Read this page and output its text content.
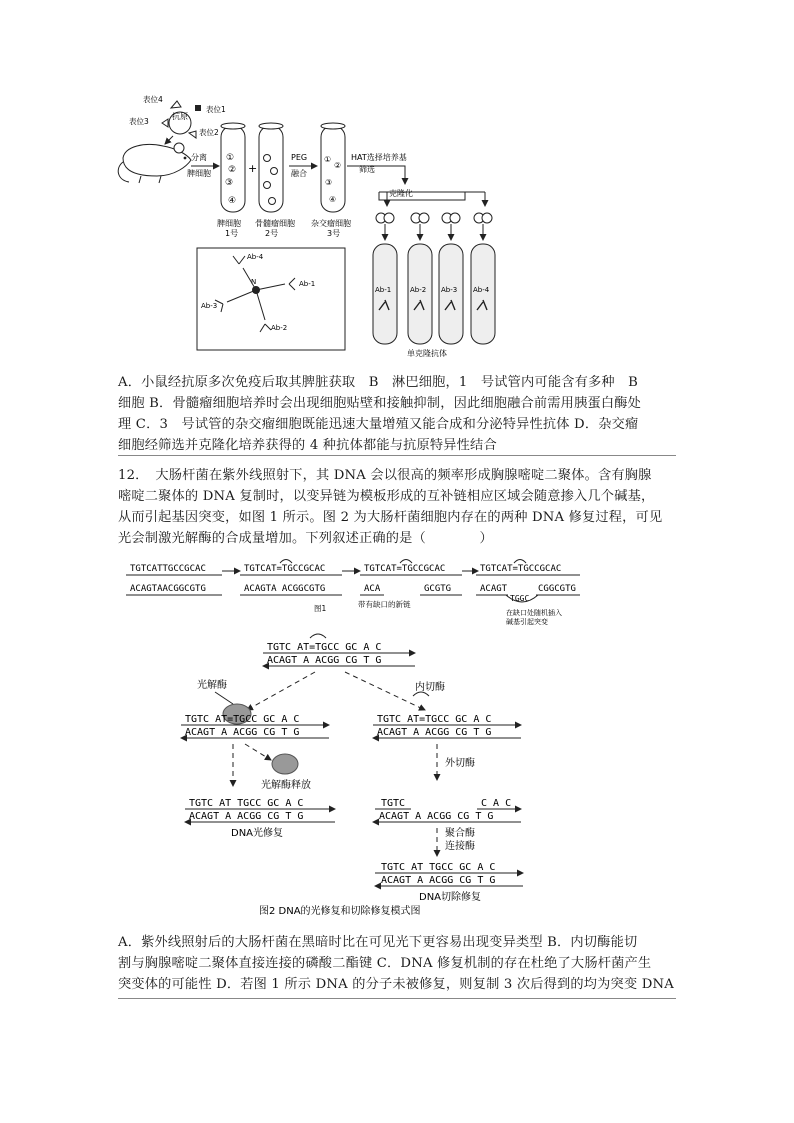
抗原
表位4
表位1
表位3
表位2
分离
脾细胞
①
②
③
④
脾细胞
1号
+
骨髓瘤细胞
2号
PEG
融合
①
②
③
④
杂交瘤细胞
3号
HAT选择培养基
筛选
克隆化
Ab-1	Ab-2 Ab-3 Ab-4
单克隆抗体
N
Ab-4
Ab-1
Ab-3
Ab-2
A．小鼠经抗原多次免疫后取其脾脏获取　B　淋巴细胞，1　号试管内可能含有多种　B
细胞 B．骨髓瘤细胞培养时会出现细胞贴壁和接触抑制，因此细胞融合前需用胰蛋白酶处
理 C．3　号试管的杂交瘤细胞既能迅速大量增殖又能合成和分泌特异性抗体 D．杂交瘤
细胞经筛选并克隆化培养获得的 4 种抗体都能与抗原特异性结合
12．　大肠杆菌在紫外线照射下，其 DNA 会以很高的频率形成胸腺嘧啶二聚体。含有胸腺
嘧啶二聚体的 DNA 复制时，以变异链为模板形成的互补链相应区域会随意掺入几个碱基，
从而引起基因突变，如图 1 所示。图 2 为大肠杆菌细胞内存在的两种 DNA 修复过程，可见
光会制激光解酶的合成量增加。下列叙述正确的是（　　　　）
TGTCATTGCCGCAC
ACAGTAACGGCGTG
TGTCAT=TGCCGCAC
ACAGTA ACGGCGTG
TGTCAT=TGCCGCAC
ACA	GCGTG
TGTCAT=TGCCGCAC
ACAGT
TGGC
CGGCGTG
图1	带有缺口的新链
在缺口处随机插入
碱基引起突变
TGTC AT=TGCC GC A C
ACAGT A ACGG CG T G
光解酶
TGTC AT=TGCC GC A C
ACAGT A ACGG CG T G
光解酶释放
TGTC AT TGCC GC A C
ACAGT A ACGG CG T G
DNA光修复
内切酶
TGTC AT=TGCC GC A C
ACAGT A ACGG CG T G
外切酶
TGTC	C A C
ACAGT A ACGG CG T G
聚合酶
连接酶
TGTC AT TGCC GC A C
ACAGT A ACGG CG T G
DNA切除修复
图2 DNA的光修复和切除修复模式图
A．紫外线照射后的大肠杆菌在黑暗时比在可见光下更容易出现变异类型 B．内切酶能切
割与胸腺嘧啶二聚体直接连接的磷酸二酯键 C．DNA 修复机制的存在杜绝了大肠杆菌产生
突变体的可能性 D．若图 1 所示 DNA 的分子未被修复，则复制 3 次后得到的均为突变 DNA
